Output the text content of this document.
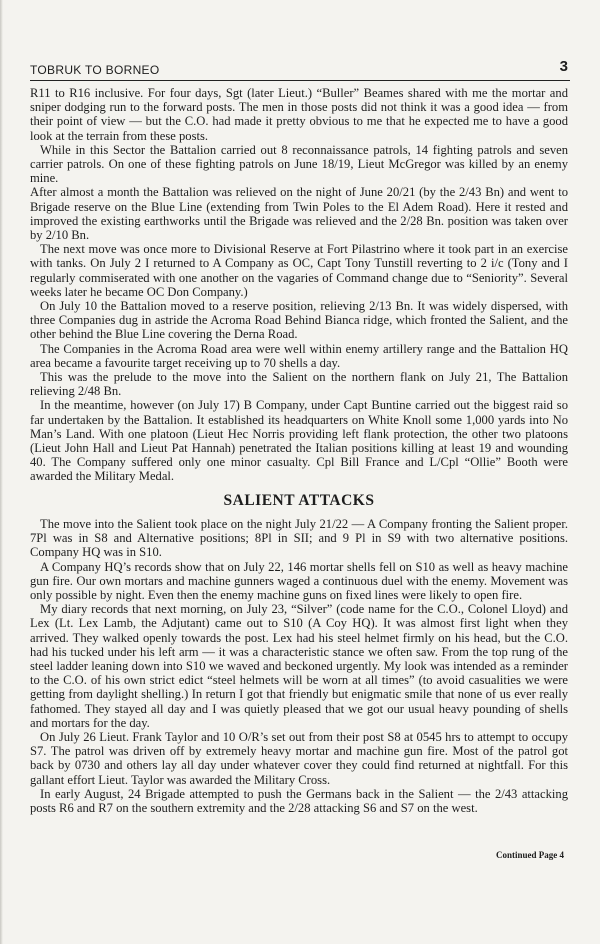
TOBRUK TO BORNEO	3

R11 to R16 inclusive. For four days, Sgt (later Lieut.) “Buller” Beames shared with me the mortar and sniper dodging run to the forward posts. The men in those posts did not think it was a good idea — from their point of view — but the C.O. had made it pretty obvious to me that he expected me to have a good look at the terrain from these posts.

While in this Sector the Battalion carried out 8 reconnaissance patrols, 14 fighting patrols and seven carrier patrols. On one of these fighting patrols on June 18/19, Lieut McGregor was killed by an enemy mine.

After almost a month the Battalion was relieved on the night of June 20/21 (by the 2/43 Bn) and went to Brigade reserve on the Blue Line (extending from Twin Poles to the El Adem Road). Here it rested and improved the existing earthworks until the Brigade was relieved and the 2/28 Bn. position was taken over by 2/10 Bn.

The next move was once more to Divisional Reserve at Fort Pilastrino where it took part in an exercise with tanks. On July 2 I returned to A Company as OC, Capt Tony Tunstill reverting to 2 i/c (Tony and I regularly commiserated with one another on the vagaries of Command change due to “Seniority”. Several weeks later he became OC Don Company.)

On July 10 the Battalion moved to a reserve position, relieving 2/13 Bn. It was widely dispersed, with three Companies dug in astride the Acroma Road Behind Bianca ridge, which fronted the Salient, and the other behind the Blue Line covering the Derna Road.

The Companies in the Acroma Road area were well within enemy artillery range and the Battalion HQ area became a favourite target receiving up to 70 shells a day.

This was the prelude to the move into the Salient on the northern flank on July 21, The Battalion relieving 2/48 Bn.

In the meantime, however (on July 17) B Company, under Capt Buntine carried out the biggest raid so far undertaken by the Battalion. It established its headquarters on White Knoll some 1,000 yards into No Man’s Land. With one platoon (Lieut Hec Norris providing left flank protection, the other two platoons (Lieut John Hall and Lieut Pat Hannah) penetrated the Italian positions killing at least 19 and wounding 40. The Company suffered only one minor casualty. Cpl Bill France and L/Cpl “Ollie” Booth were awarded the Military Medal.

SALIENT ATTACKS

The move into the Salient took place on the night July 21/22 — A Company fronting the Salient proper. 7Pl was in S8 and Alternative positions; 8Pl in SII; and 9 Pl in S9 with two alternative positions. Company HQ was in S10.

A Company HQ’s records show that on July 22, 146 mortar shells fell on S10 as well as heavy machine gun fire. Our own mortars and machine gunners waged a continuous duel with the enemy. Movement was only possible by night. Even then the enemy machine guns on fixed lines were likely to open fire.

My diary records that next morning, on July 23, “Silver” (code name for the C.O., Colonel Lloyd) and Lex (Lt. Lex Lamb, the Adjutant) came out to S10 (A Coy HQ). It was almost first light when they arrived. They walked openly towards the post. Lex had his steel helmet firmly on his head, but the C.O. had his tucked under his left arm — it was a characteristic stance we often saw. From the top rung of the steel ladder leaning down into S10 we waved and beckoned urgently. My look was intended as a reminder to the C.O. of his own strict edict “steel helmets will be worn at all times” (to avoid casualities we were getting from daylight shelling.) In return I got that friendly but enigmatic smile that none of us ever really fathomed. They stayed all day and I was quietly pleased that we got our usual heavy pounding of shells and mortars for the day.

On July 26 Lieut. Frank Taylor and 10 O/R’s set out from their post S8 at 0545 hrs to attempt to occupy S7. The patrol was driven off by extremely heavy mortar and machine gun fire. Most of the patrol got back by 0730 and others lay all day under whatever cover they could find returned at nightfall. For this gallant effort Lieut. Taylor was awarded the Military Cross.

In early August, 24 Brigade attempted to push the Germans back in the Salient — the 2/43 attacking posts R6 and R7 on the southern extremity and the 2/28 attacking S6 and S7 on the west.

Continued Page 4
